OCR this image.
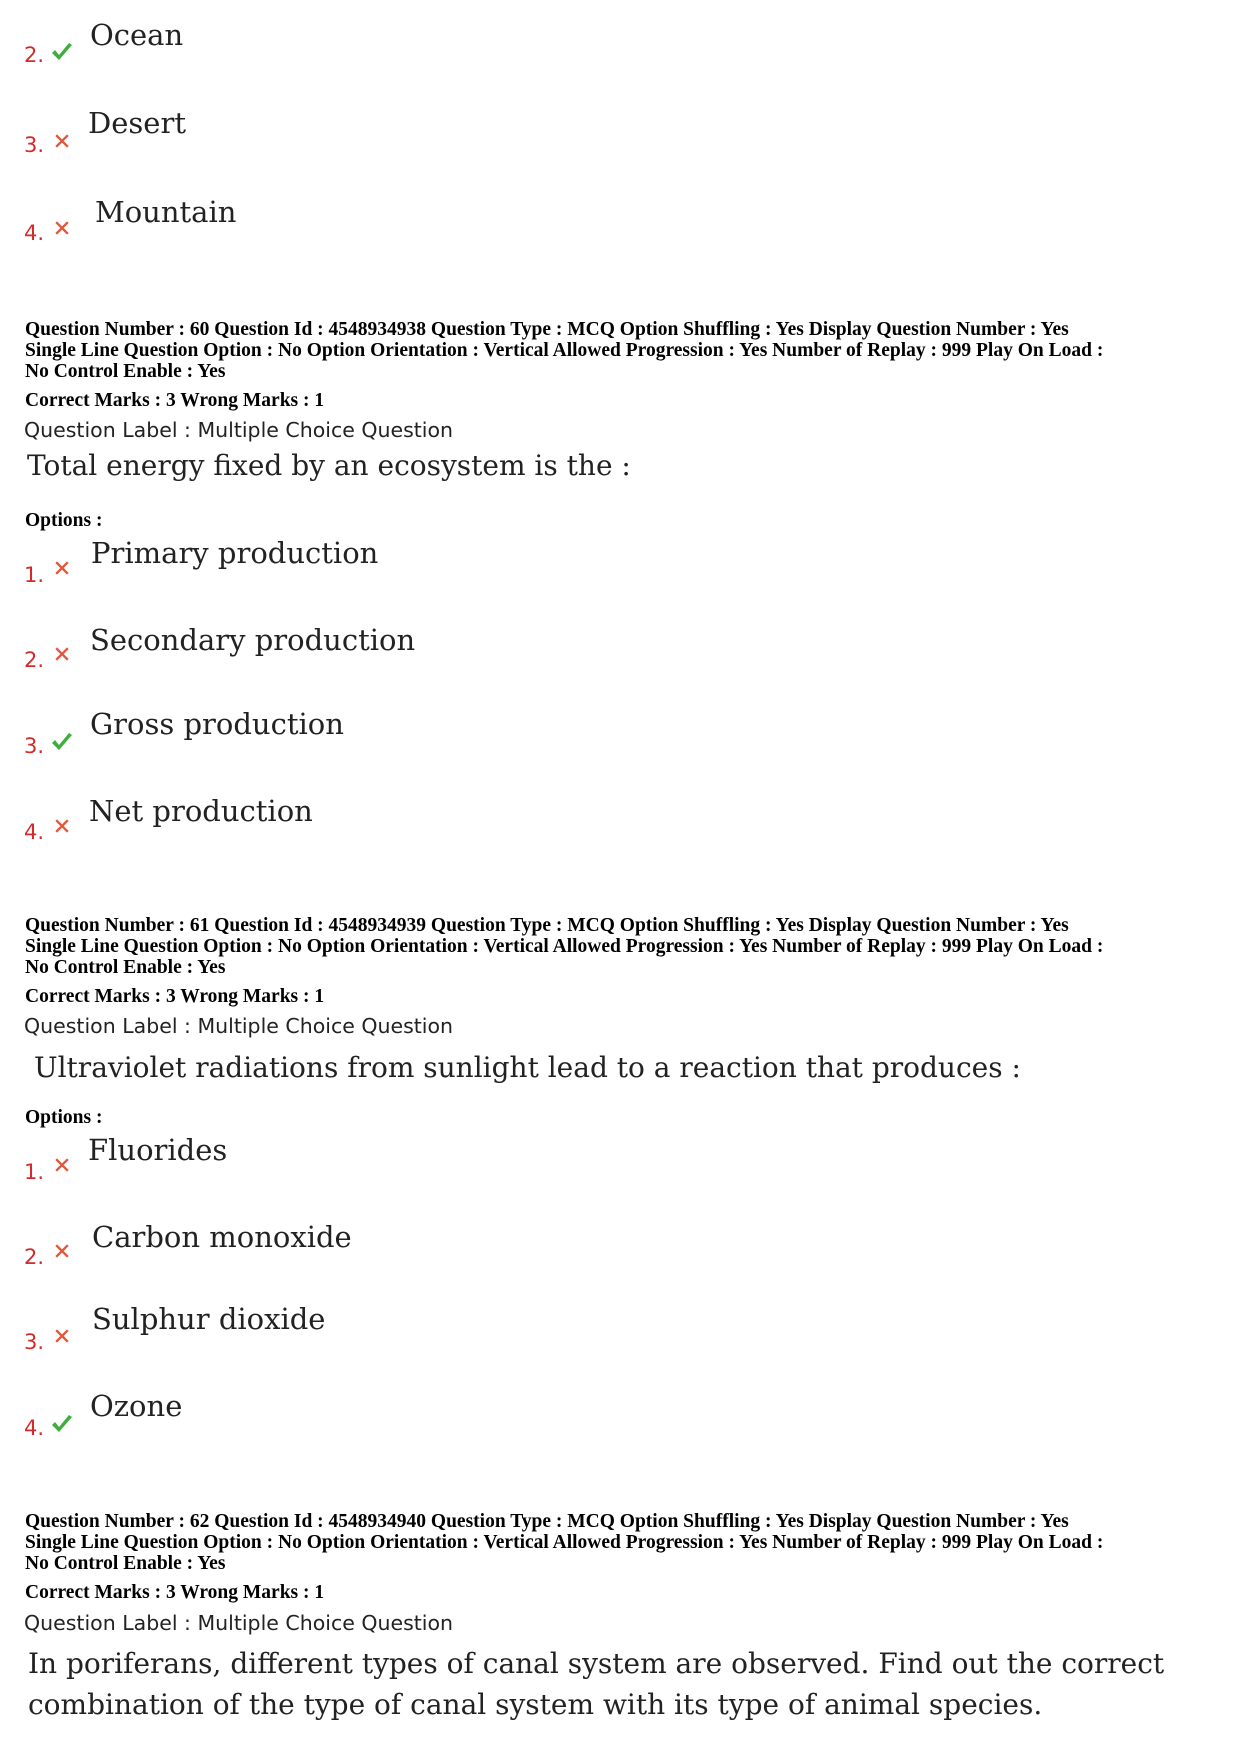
2.
Ocean
3.
Desert
4.
Mountain
Question Number : 60 Question Id : 4548934938 Question Type : MCQ Option Shuffling : Yes Display Question Number : Yes
Single Line Question Option : No Option Orientation : Vertical Allowed Progression : Yes Number of Replay : 999 Play On Load :
No Control Enable : Yes
Correct Marks : 3 Wrong Marks : 1
Question Label : Multiple Choice Question
Total energy fixed by an ecosystem is the :
Options :
1.
Primary production
2.
Secondary production
3.
Gross production
4.
Net production
Question Number : 61 Question Id : 4548934939 Question Type : MCQ Option Shuffling : Yes Display Question Number : Yes
Single Line Question Option : No Option Orientation : Vertical Allowed Progression : Yes Number of Replay : 999 Play On Load :
No Control Enable : Yes
Correct Marks : 3 Wrong Marks : 1
Question Label : Multiple Choice Question
Ultraviolet radiations from sunlight lead to a reaction that produces :
Options :
1.
Fluorides
2.
Carbon monoxide
3.
Sulphur dioxide
4.
Ozone
Question Number : 62 Question Id : 4548934940 Question Type : MCQ Option Shuffling : Yes Display Question Number : Yes
Single Line Question Option : No Option Orientation : Vertical Allowed Progression : Yes Number of Replay : 999 Play On Load :
No Control Enable : Yes
Correct Marks : 3 Wrong Marks : 1
Question Label : Multiple Choice Question
In poriferans, different types of canal system are observed. Find out the correct
combination of the type of canal system with its type of animal species.
